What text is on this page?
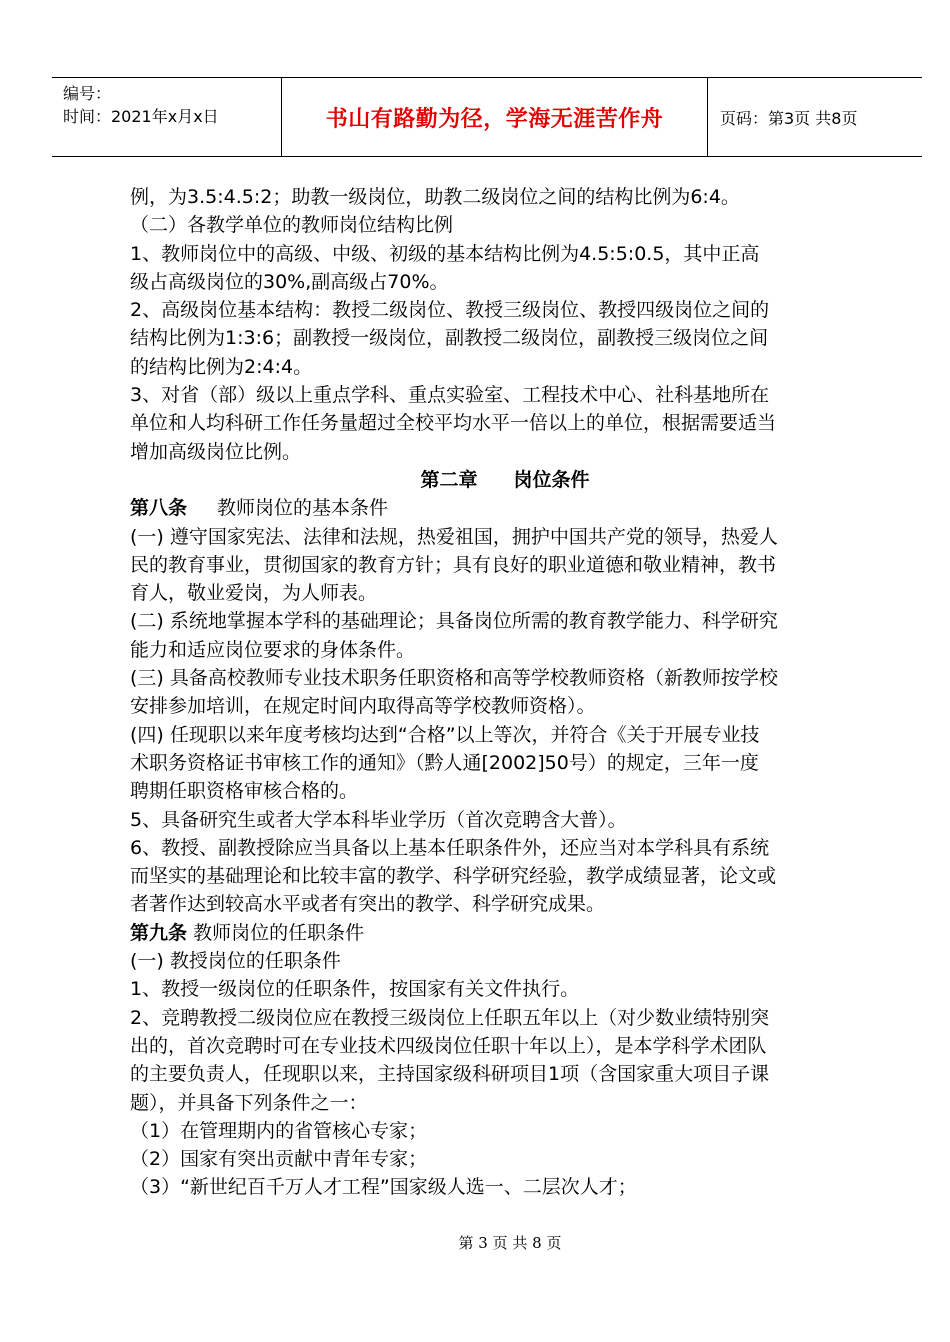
编号：
时间：2021年x月x日	书山有路勤为径，学海无涯苦作舟	页码：第3页 共8页
例，为3.5:4.5:2；助教一级岗位，助教二级岗位之间的结构比例为6:4。
（二）各教学单位的教师岗位结构比例
1、教师岗位中的高级、中级、初级的基本结构比例为4.5:5:0.5，其中正高
级占高级岗位的30%,副高级占70%。
2、高级岗位基本结构：教授二级岗位、教授三级岗位、教授四级岗位之间的
结构比例为1:3:6；副教授一级岗位，副教授二级岗位，副教授三级岗位之间
的结构比例为2:4:4。
3、对省（部）级以上重点学科、重点实验室、工程技术中心、社科基地所在
单位和人均科研工作任务量超过全校平均水平一倍以上的单位，根据需要适当
增加高级岗位比例。
第二章 岗位条件
第八条 教师岗位的基本条件
(一) 遵守国家宪法、法律和法规，热爱祖国，拥护中国共产党的领导，热爱人
民的教育事业，贯彻国家的教育方针；具有良好的职业道德和敬业精神，教书
育人，敬业爱岗，为人师表。
(二) 系统地掌握本学科的基础理论；具备岗位所需的教育教学能力、科学研究
能力和适应岗位要求的身体条件。
(三) 具备高校教师专业技术职务任职资格和高等学校教师资格（新教师按学校
安排参加培训，在规定时间内取得高等学校教师资格）。
(四) 任现职以来年度考核均达到“合格”以上等次，并符合《关于开展专业技
术职务资格证书审核工作的通知》（黔人通[2002]50号）的规定，三年一度
聘期任职资格审核合格的。
5、具备研究生或者大学本科毕业学历（首次竞聘含大普）。
6、教授、副教授除应当具备以上基本任职条件外，还应当对本学科具有系统
而坚实的基础理论和比较丰富的教学、科学研究经验，教学成绩显著，论文或
者著作达到较高水平或者有突出的教学、科学研究成果。
第九条 教师岗位的任职条件
(一) 教授岗位的任职条件
1、教授一级岗位的任职条件，按国家有关文件执行。
2、竞聘教授二级岗位应在教授三级岗位上任职五年以上（对少数业绩特别突
出的，首次竞聘时可在专业技术四级岗位任职十年以上），是本学科学术团队
的主要负责人，任现职以来，主持国家级科研项目1项（含国家重大项目子课
题），并具备下列条件之一：
（1）在管理期内的省管核心专家；
（2）国家有突出贡献中青年专家；
（3）“新世纪百千万人才工程”国家级人选一、二层次人才；
第 3 页 共 8 页
